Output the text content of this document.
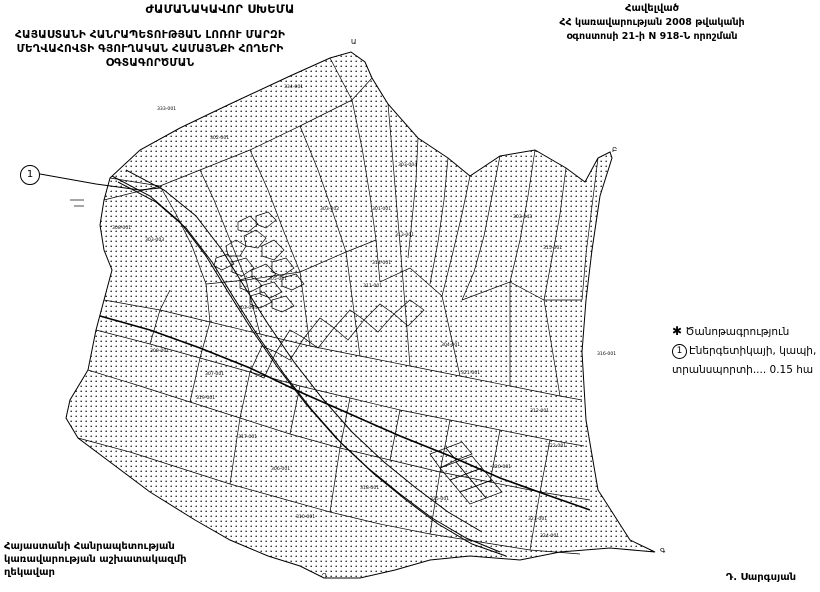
ԺԱՄԱՆԱԿԱՎՈՐ ՍԽԵՄԱ
ՀԱՅԱՍՏԱՆԻ ՀԱՆՐԱՊԵՏՈՒԹՅԱՆ ԼՈՌՈՒ ՄԱՐԶԻ ՄԵՂՎԱՀՈՎՏԻ ԳՅՈՒՂԱԿԱՆ ՀԱՄԱՅՆՔԻ ՀՈՂԵՐԻ ՕԳՏԱԳՈՐԾՄԱՆ
Հավելված
ՀՀ կառավարության 2008 թվականի
օգոստոսի 21-ի N 918-Ն որոշման
Ա
Բ
Գ
Դ
333-001
334-001
302-001
303-004
301-001
308-001
303-002
303-003
313-001
303-043
315-001
314-001
311-001
303-004
309-001
304-001
321-001
316-001
319-001
317-001
312-001
322-001
310-001
318-001
325-001
324-001
323-001
320-001
306-001
307-001
305-001
1
✱ Ծանոթագրություն
1 Էներգետիկայի, կապի,
տրանսպորտի.... 0.15 հա
Հայաստանի Հանրապետության
կառավարության աշխատակազմի
ղեկավար	Դ. Սարգսյան
